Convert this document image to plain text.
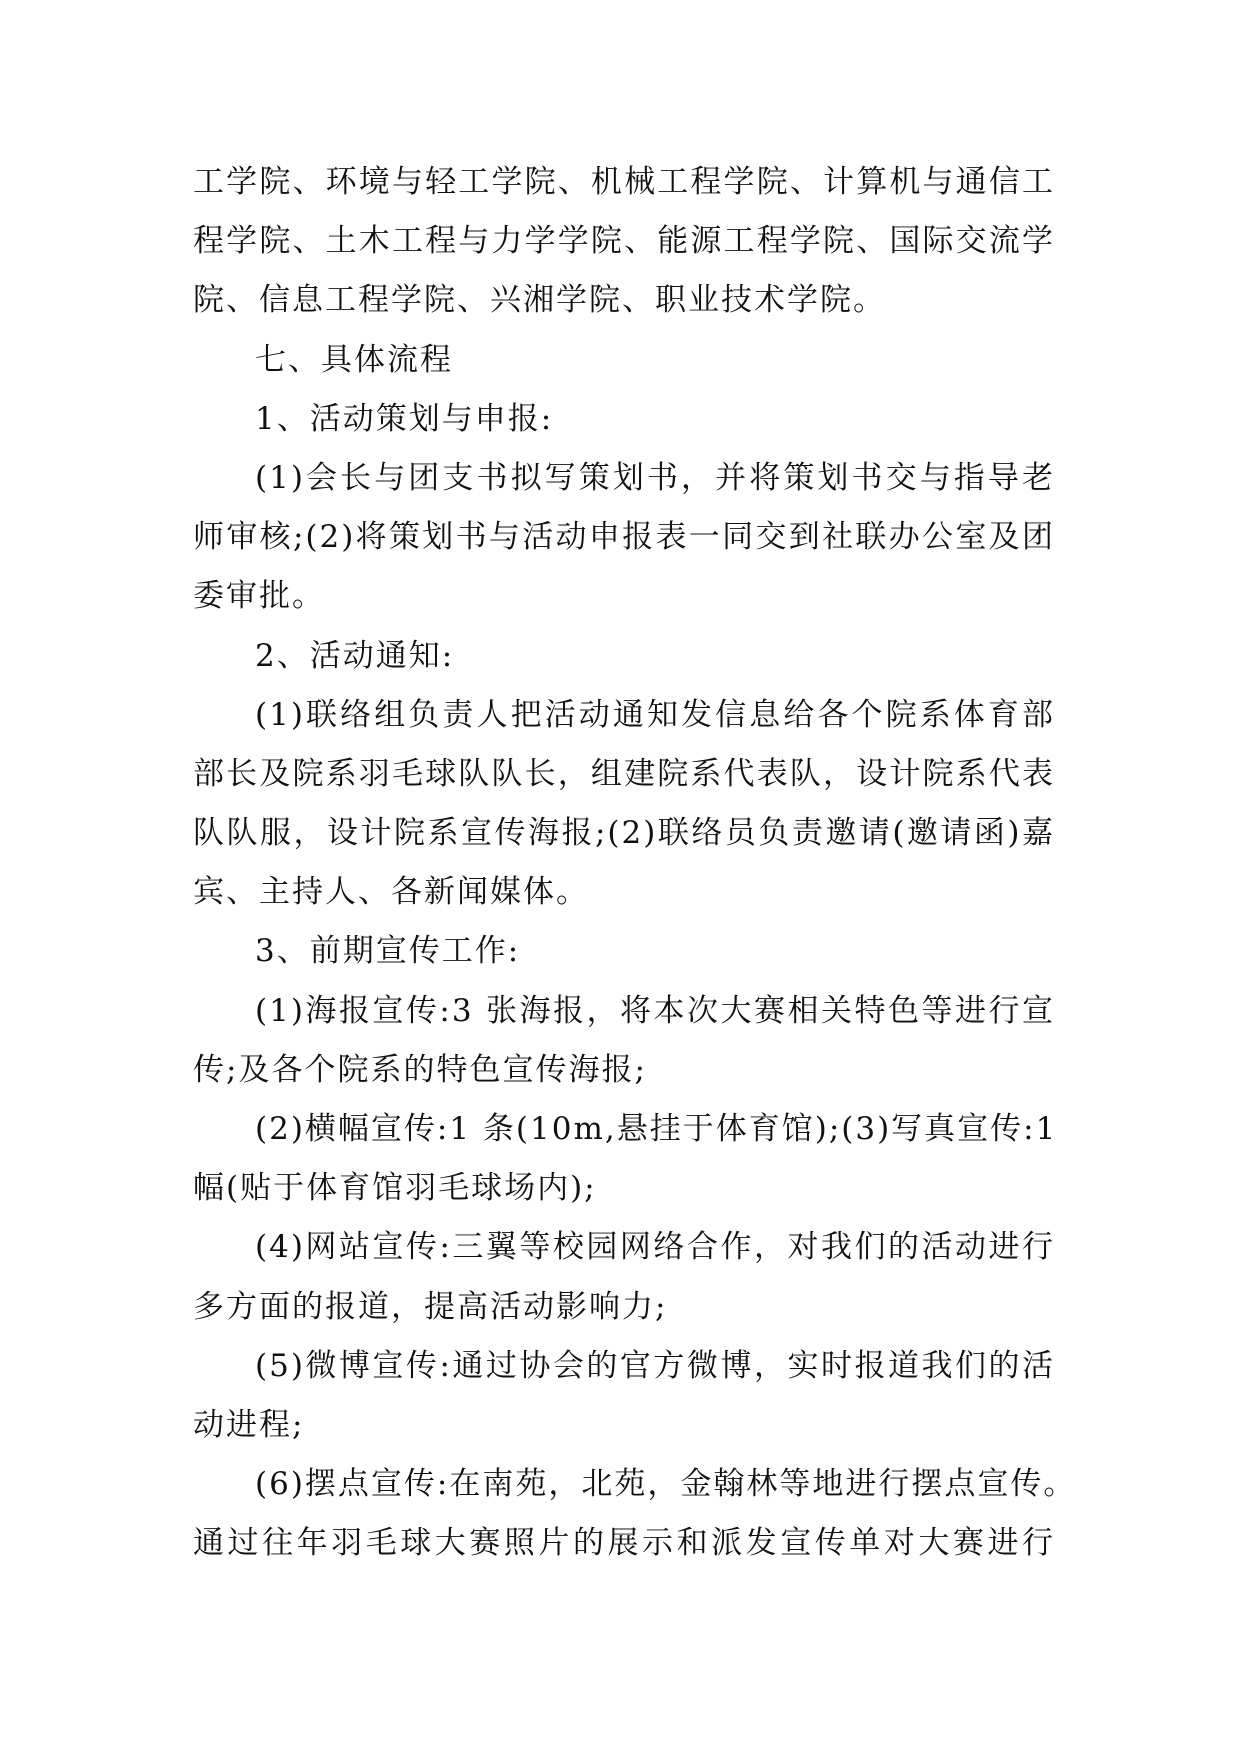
工学院、环境与轻工学院、机械工程学院、计算机与通信工
程学院、土木工程与力学学院、能源工程学院、国际交流学
院、信息工程学院、兴湘学院、职业技术学院。
七、具体流程
1、活动策划与申报:
(1)会长与团支书拟写策划书，并将策划书交与指导老
师审核;(2)将策划书与活动申报表一同交到社联办公室及团
委审批。
2、活动通知:
(1)联络组负责人把活动通知发信息给各个院系体育部
部长及院系羽毛球队队长，组建院系代表队，设计院系代表
队队服，设计院系宣传海报;(2)联络员负责邀请(邀请函)嘉
宾、主持人、各新闻媒体。
3、前期宣传工作:
(1)海报宣传:3 张海报，将本次大赛相关特色等进行宣
传;及各个院系的特色宣传海报;
(2)横幅宣传:1 条(10m,悬挂于体育馆);(3)写真宣传:1
幅(贴于体育馆羽毛球场内);
(4)网站宣传:三翼等校园网络合作，对我们的活动进行
多方面的报道，提高活动影响力;
(5)微博宣传:通过协会的官方微博，实时报道我们的活
动进程;
(6)摆点宣传:在南苑，北苑，金翰林等地进行摆点宣传。
通过往年羽毛球大赛照片的展示和派发宣传单对大赛进行
